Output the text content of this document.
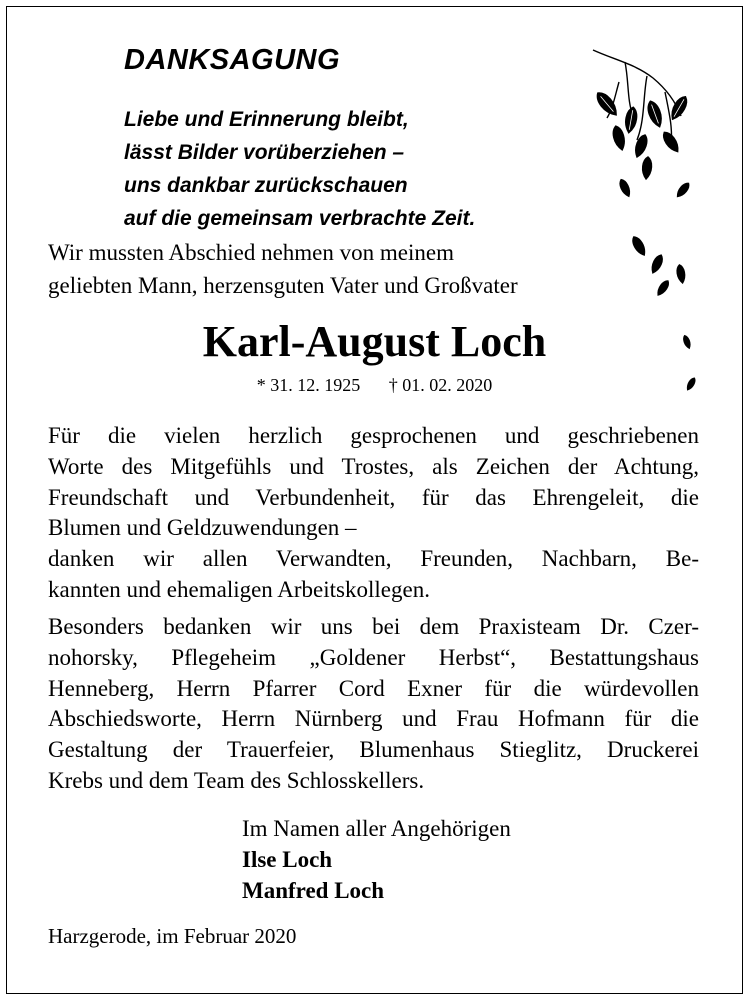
DANKSAGUNG
Liebe und Erinnerung bleibt,
lässt Bilder vorüberziehen –
uns dankbar zurückschauen
auf die gemeinsam verbrachte Zeit.
Wir mussten Abschied nehmen von meinem
geliebten Mann, herzensguten Vater und Großvater
Karl-August Loch
* 31. 12. 1925 † 01. 02. 2020
Für die vielen herzlich gesprochenen und geschriebenen
Worte des Mitgefühls und Trostes, als Zeichen der Achtung,
Freundschaft und Verbundenheit, für das Ehrengeleit, die
Blumen und Geldzuwendungen –
danken wir allen Verwandten, Freunden, Nachbarn, Be-
kannten und ehemaligen Arbeitskollegen.
Besonders bedanken wir uns bei dem Praxisteam Dr. Czer-
nohorsky, Pflegeheim „Goldener Herbst“, Bestattungshaus
Henneberg, Herrn Pfarrer Cord Exner für die würdevollen
Abschiedsworte, Herrn Nürnberg und Frau Hofmann für die
Gestaltung der Trauerfeier, Blumenhaus Stieglitz, Druckerei
Krebs und dem Team des Schlosskellers.
Im Namen aller Angehörigen
Ilse Loch
Manfred Loch
Harzgerode, im Februar 2020
